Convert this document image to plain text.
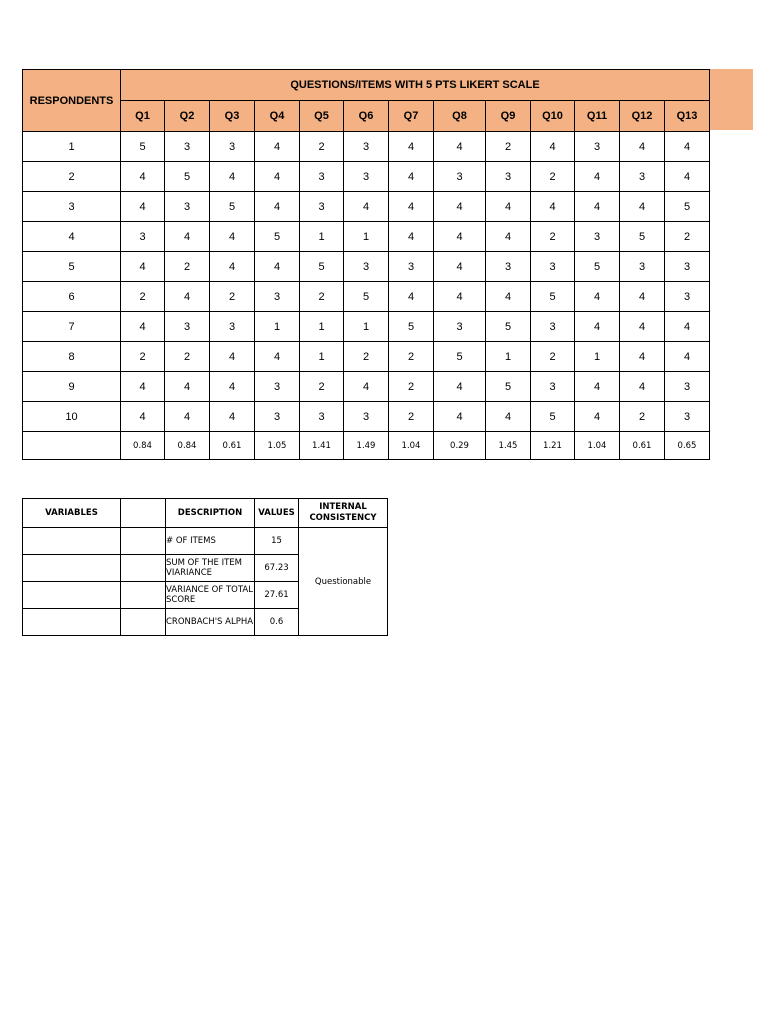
RESPONDENTS	QUESTIONS/ITEMS WITH 5 PTS LIKERT SCALE												
	Q1	Q2	Q3	Q4	Q5	Q6	Q7	Q8	Q9	Q10	Q11	Q12	Q13
1	5	3	3	4	2	3	4	4	2	4	3	4	4
2	4	5	4	4	3	3	4	3	3	2	4	3	4
3	4	3	5	4	3	4	4	4	4	4	4	4	5
4	3	4	4	5	1	1	4	4	4	2	3	5	2
5	4	2	4	4	5	3	3	4	3	3	5	3	3
6	2	4	2	3	2	5	4	4	4	5	4	4	3
7	4	3	3	1	1	1	5	3	5	3	4	4	4
8	2	2	4	4	1	2	2	5	1	2	1	4	4
9	4	4	4	3	2	4	2	4	5	3	4	4	3
10	4	4	4	3	3	3	2	4	4	5	4	2	3
	0.84	0.84	0.61	1.05	1.41	1.49	1.04	0.29	1.45	1.21	1.04	0.61	0.65
VARIABLES		DESCRIPTION	VALUES	INTERNAL CONSISTENCY
		# OF ITEMS	15	Questionable
		SUM OF THE ITEM VIARIANCE	67.23	
		VARIANCE OF TOTAL SCORE	27.61	
		CRONBACH'S ALPHA	0.6	
